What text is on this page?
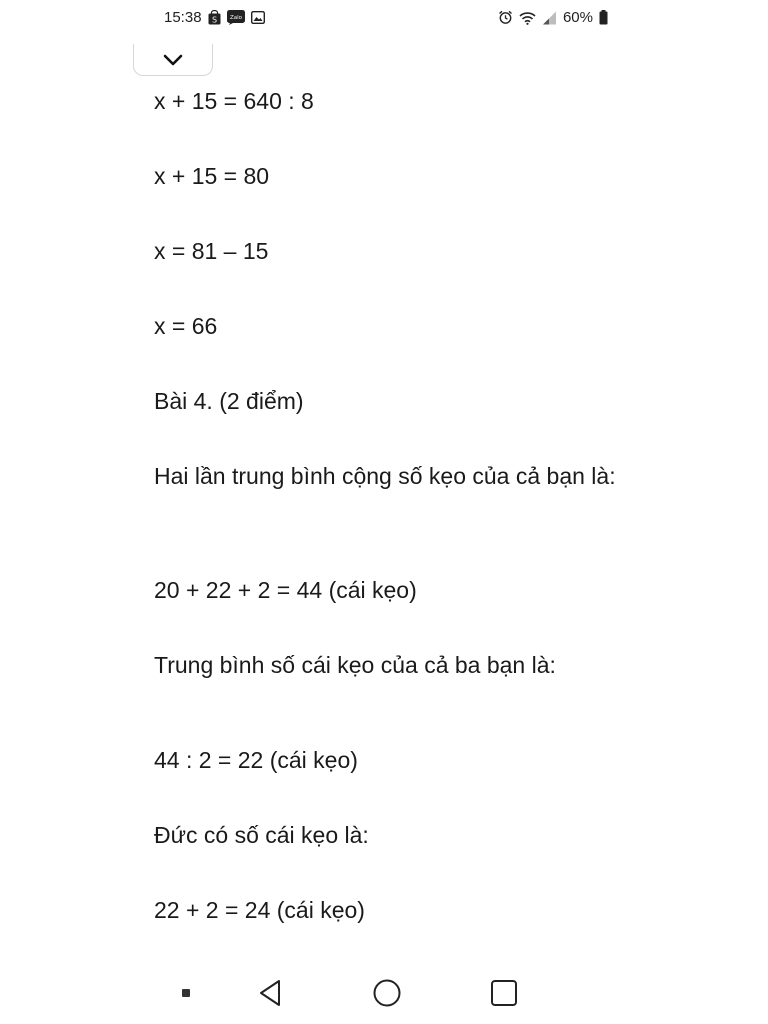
15:38 S Zalo	60%
x + 15 = 640 : 8
x + 15 = 80
x = 81 – 15
x = 66
Bài 4. (2 điểm)
Hai lần trung bình cộng số kẹo của cả bạn là:
20 + 22 + 2 = 44 (cái kẹo)
Trung bình số cái kẹo của cả ba bạn là:
44 : 2 = 22 (cái kẹo)
Đức có số cái kẹo là:
22 + 2 = 24 (cái kẹo)
